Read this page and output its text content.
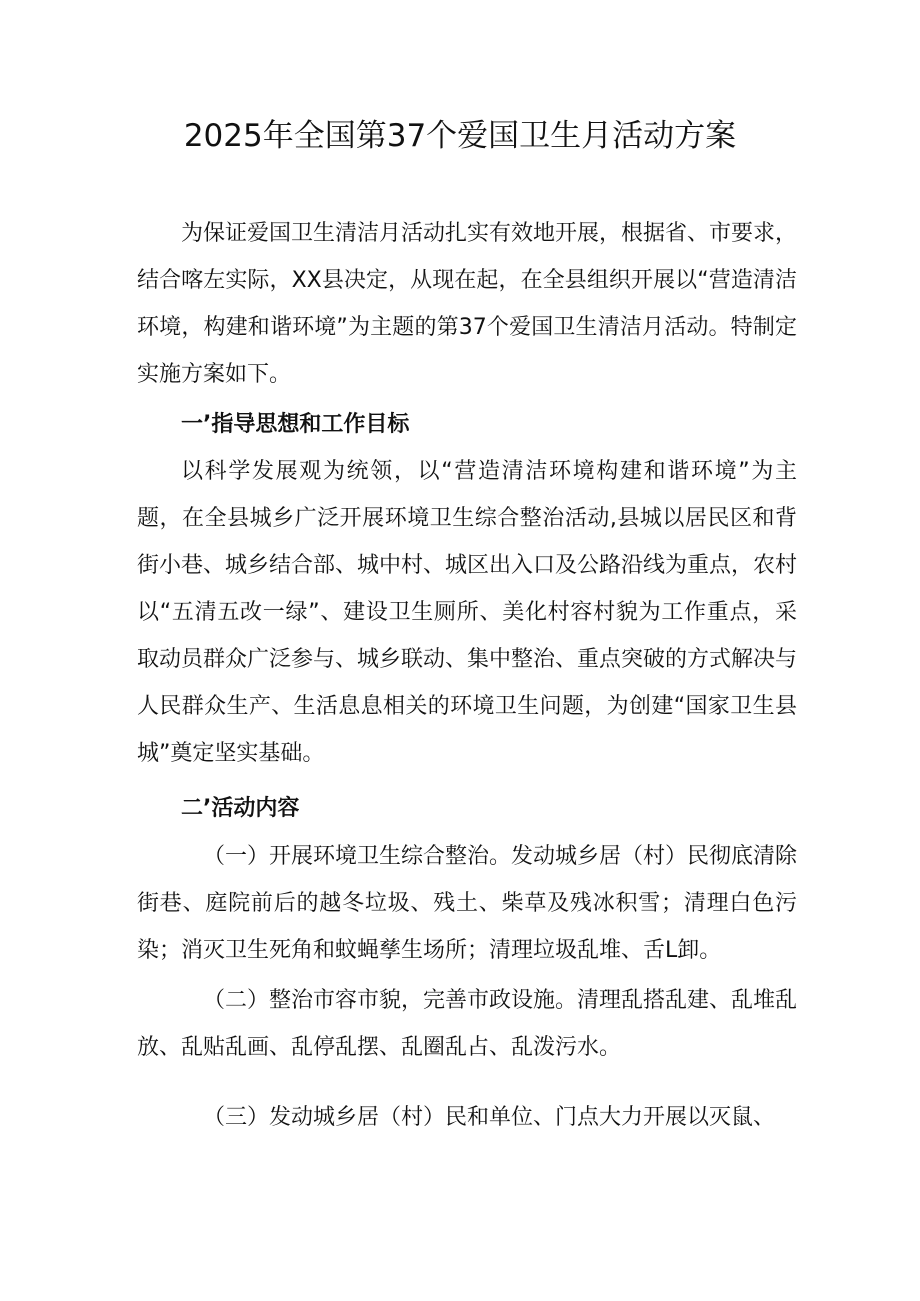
2025年全国第37个爱国卫生月活动方案

为保证爱国卫生清洁月活动扎实有效地开展，根据省、市要求，结合喀左实际，XX县决定，从现在起，在全县组织开展以“营造清洁环境，构建和谐环境”为主题的第37个爱国卫生清洁月活动。特制定实施方案如下。

一’指导思想和工作目标

以科学发展观为统领，以“营造清洁环境构建和谐环境”为主题，在全县城乡广泛开展环境卫生综合整治活动,县城以居民区和背街小巷、城乡结合部、城中村、城区出入口及公路沿线为重点，农村以“五清五改一绿”、建设卫生厕所、美化村容村貌为工作重点，采取动员群众广泛参与、城乡联动、集中整治、重点突破的方式解决与人民群众生产、生活息息相关的环境卫生问题，为创建“国家卫生县城”奠定坚实基础。

二’活动内容

（一）开展环境卫生综合整治。发动城乡居（村）民彻底清除街巷、庭院前后的越冬垃圾、残土、柴草及残冰积雪；清理白色污染；消灭卫生死角和蚊蝇孳生场所；清理垃圾乱堆、舌L卸。

（二）整治市容市貌，完善市政设施。清理乱搭乱建、乱堆乱放、乱贴乱画、乱停乱摆、乱圈乱占、乱泼污水。

（三）发动城乡居（村）民和单位、门点大力开展以灭鼠、
